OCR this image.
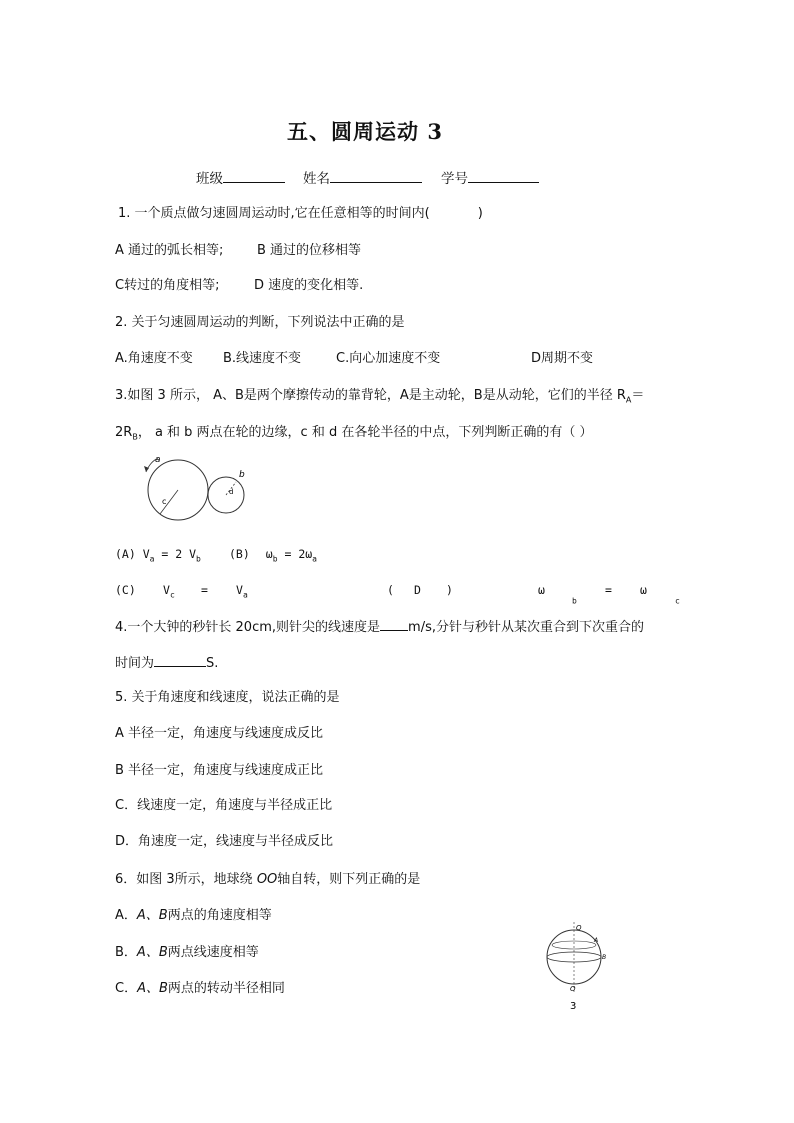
五、圆周运动 3
班级	姓名	学号
1. 一个质点做匀速圆周运动时,它在任意相等的时间内(	)
A 通过的弧长相等;	B 通过的位移相等
C转过的角度相等;	D 速度的变化相等.
2. 关于匀速圆周运动的判断，下列说法中正确的是
A.角速度不变 B.线速度不变	C.向心加速度不变	D周期不变
3.如图 3 所示， A、B是两个摩擦传动的靠背轮，A是主动轮，B是从动轮，它们的半径 $R_A=$
$2R_B$， a 和 b 两点在轮的边缘，c 和 d 在各轮半径的中点，下列判断正确的有（ ）
a
b
c
d
(A) $V_a = 2$ $V_b$ (B) $\omega_b = 2\omega_a$
(C) $V_c = V_a$	( D )	ω
$_b$
= ω
$_c$
4.一个大钟的秒针长 20cm,则针尖的线速度是 m/s,分针与秒针从某次重合到下次重合的
时间为	S.
5. 关于角速度和线速度，说法正确的是
A 半径一定，角速度与线速度成反比
B 半径一定，角速度与线速度成正比
C．线速度一定，角速度与半径成正比
D．角速度一定，线速度与半径成反比
6．如图 3所示，地球绕 OO轴自转，则下列正确的是
A．A、B两点的角速度相等
B．A、B两点线速度相等
C．A、B两点的转动半径相同
O
A
B
O
3
